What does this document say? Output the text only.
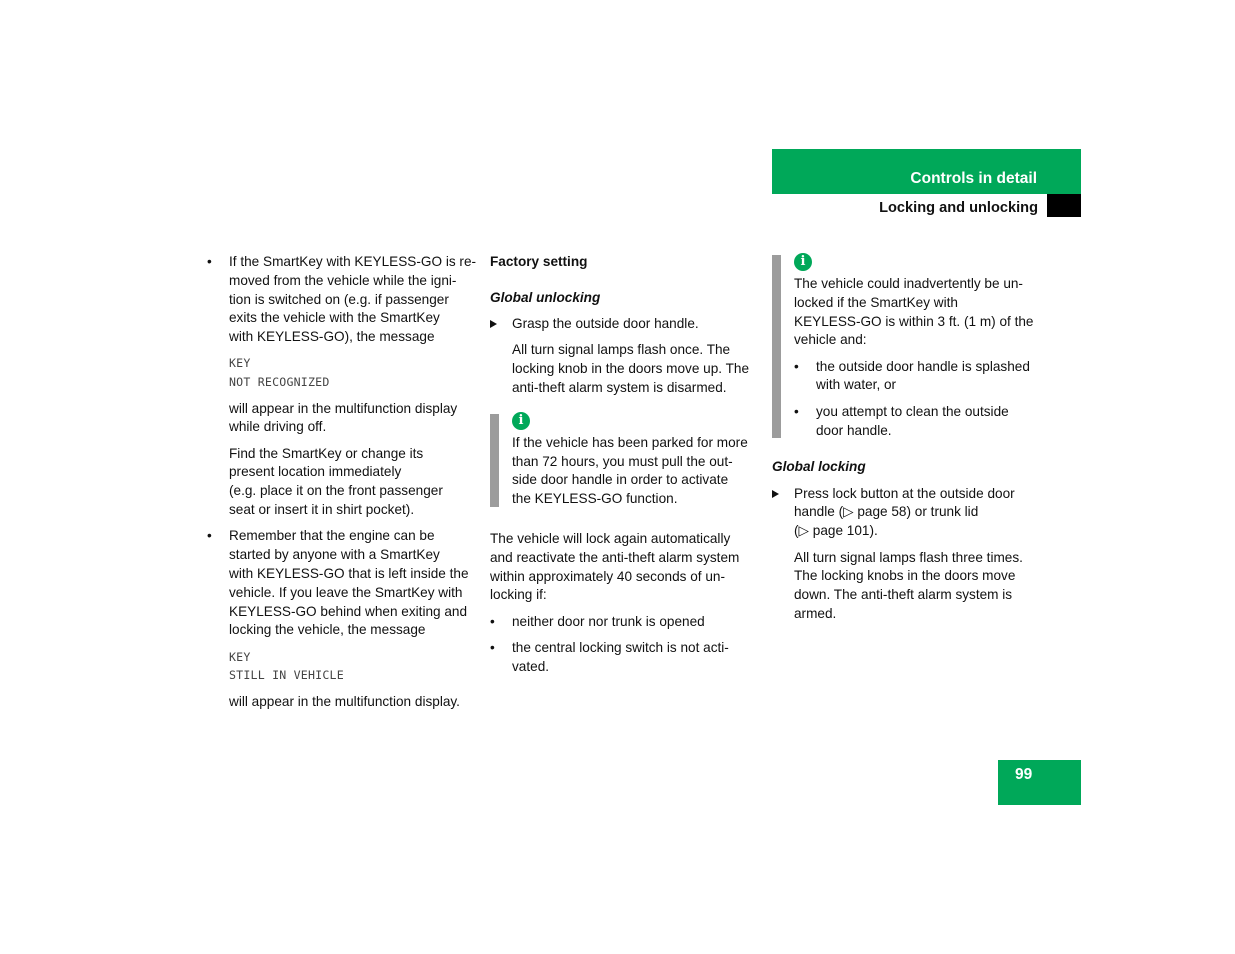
Controls in detail
Locking and unlocking

• If the SmartKey with KEYLESS-GO is re-
moved from the vehicle while the igni-
tion is switched on (e.g. if passenger
exits the vehicle with the SmartKey
with KEYLESS-GO), the message

KEY
NOT RECOGNIZED

will appear in the multifunction display
while driving off.

Find the SmartKey or change its
present location immediately
(e.g. place it on the front passenger
seat or insert it in shirt pocket).

• Remember that the engine can be
started by anyone with a SmartKey
with KEYLESS-GO that is left inside the
vehicle. If you leave the SmartKey with
KEYLESS-GO behind when exiting and
locking the vehicle, the message

KEY
STILL IN VEHICLE

will appear in the multifunction display.

Factory setting

Global unlocking

Grasp the outside door handle.

All turn signal lamps flash once. The
locking knob in the doors move up. The
anti-theft alarm system is disarmed.

i

If the vehicle has been parked for more
than 72 hours, you must pull the out-
side door handle in order to activate
the KEYLESS-GO function.

The vehicle will lock again automatically
and reactivate the anti-theft alarm system
within approximately 40 seconds of un-
locking if:

• neither door nor trunk is opened

• the central locking switch is not acti-
vated.

i

The vehicle could inadvertently be un-
locked if the SmartKey with
KEYLESS-GO is within 3 ft. (1 m) of the
vehicle and:

• the outside door handle is splashed
with water, or

• you attempt to clean the outside
door handle.

Global locking

Press lock button at the outside door
handle (▷ page 58) or trunk lid
(▷ page 101).

All turn signal lamps flash three times.
The locking knobs in the doors move
down. The anti-theft alarm system is
armed.

99
